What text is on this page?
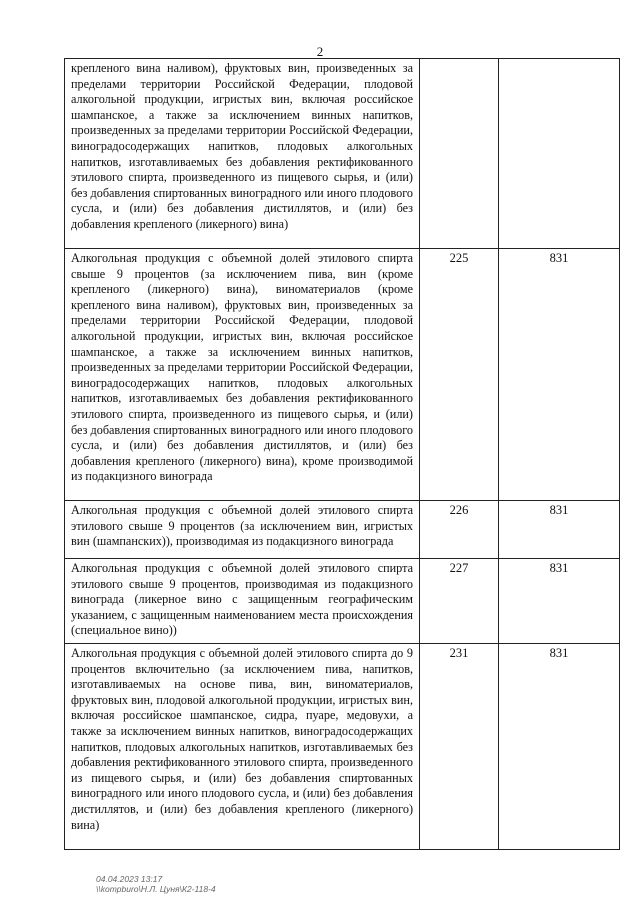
2
крепленого вина наливом), фруктовых вин, произведенных за пределами территории Российской Федерации, плодовой алкогольной продукции, игристых вин, включая российское шампанское, а также за исключением винных напитков, произведенных за пределами территории Российской Федерации, виноградосодержащих напитков, плодовых алкогольных напитков, изготавливаемых без добавления ректификованного этилового спирта, произведенного из пищевого сырья, и (или) без добавления спиртованных виноградного или иного плодового сусла, и (или) без добавления дистиллятов, и (или) без добавления крепленого (ликерного) вина)		
Алкогольная продукция с объемной долей этилового спирта свыше 9 процентов (за исключением пива, вин (кроме крепленого (ликерного) вина), виноматериалов (кроме крепленого вина наливом), фруктовых вин, произведенных за пределами территории Российской Федерации, плодовой алкогольной продукции, игристых вин, включая российское шампанское, а также за исключением винных напитков, произведенных за пределами территории Российской Федерации, виноградосодержащих напитков, плодовых алкогольных напитков, изготавливаемых без добавления ректификованного этилового спирта, произведенного из пищевого сырья, и (или) без добавления спиртованных виноградного или иного плодового сусла, и (или) без добавления дистиллятов, и (или) без добавления крепленого (ликерного) вина), кроме производимой из подакцизного винограда	225	831
Алкогольная продукция с объемной долей этилового спирта этилового свыше 9 процентов (за исключением вин, игристых вин (шампанских)), производимая из подакцизного винограда	226	831
Алкогольная продукция с объемной долей этилового спирта этилового свыше 9 процентов, производимая из подакцизного винограда (ликерное вино с защищенным географическим указанием, с защищенным наименованием места происхождения (специальное вино))	227	831
Алкогольная продукция с объемной долей этилового спирта до 9 процентов включительно (за исключением пива, напитков, изготавливаемых на основе пива, вин, виноматериалов, фруктовых вин, плодовой алкогольной продукции, игристых вин, включая российское шампанское, сидра, пуаре, медовухи, а также за исключением винных напитков, виноградосодержащих напитков, плодовых алкогольных напитков, изготавливаемых без добавления ректификованного этилового спирта, произведенного из пищевого сырья, и (или) без добавления спиртованных виноградного или иного плодового сусла, и (или) без добавления дистиллятов, и (или) без добавления крепленого (ликерного) вина)	231	831
04.04.2023 13:17
\\kompburo\Н.Л. Цуня\К2-118-4
